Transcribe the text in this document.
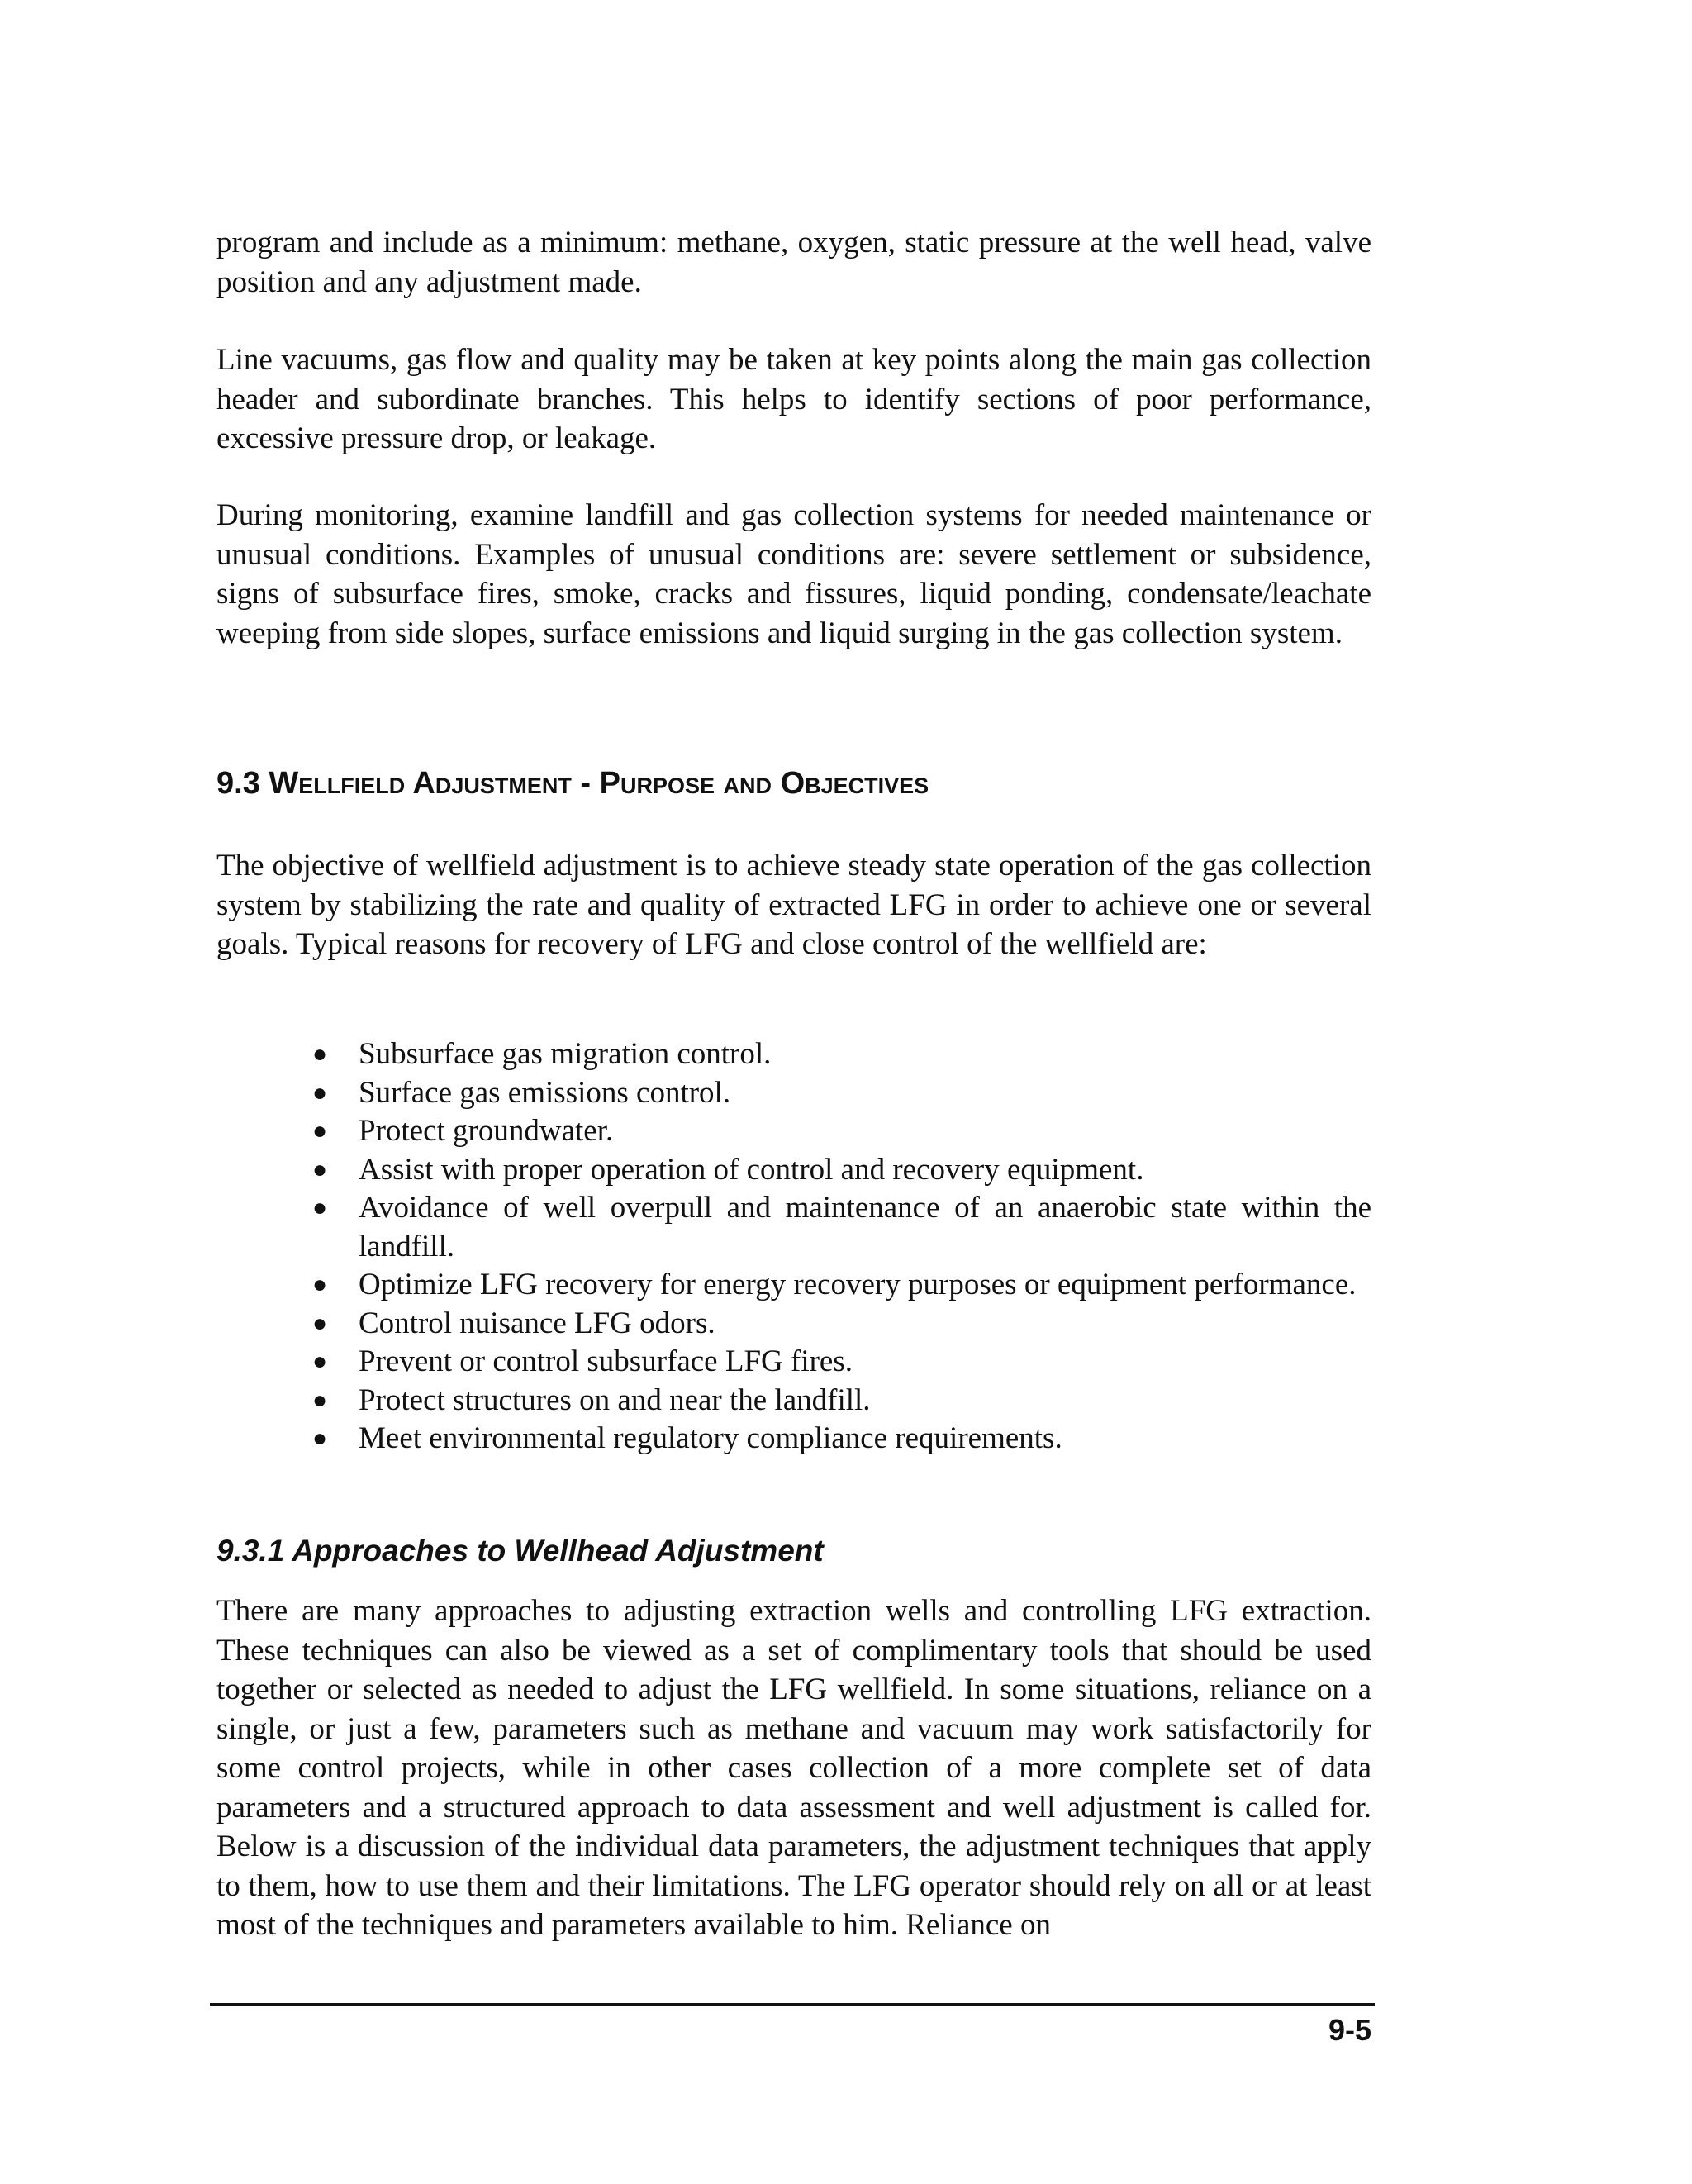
program and include as a minimum: methane, oxygen, static pressure at the well head, valve position and any adjustment made.

Line vacuums, gas flow and quality may be taken at key points along the main gas collection header and subordinate branches. This helps to identify sections of poor performance, excessive pressure drop, or leakage.

During monitoring, examine landfill and gas collection systems for needed maintenance or unusual conditions. Examples of unusual conditions are: severe settlement or subsidence, signs of subsurface fires, smoke, cracks and fissures, liquid ponding, condensate/leachate weeping from side slopes, surface emissions and liquid surging in the gas collection system.

9.3 Wellfield Adjustment - Purpose and Objectives

The objective of wellfield adjustment is to achieve steady state operation of the gas collection system by stabilizing the rate and quality of extracted LFG in order to achieve one or several goals. Typical reasons for recovery of LFG and close control of the wellfield are:

● Subsurface gas migration control.
● Surface gas emissions control.
● Protect groundwater.
● Assist with proper operation of control and recovery equipment.
● Avoidance of well overpull and maintenance of an anaerobic state within the landfill.
● Optimize LFG recovery for energy recovery purposes or equipment performance.
● Control nuisance LFG odors.
● Prevent or control subsurface LFG fires.
● Protect structures on and near the landfill.
● Meet environmental regulatory compliance requirements.
9.3.1 Approaches to Wellhead Adjustment

There are many approaches to adjusting extraction wells and controlling LFG extraction. These techniques can also be viewed as a set of complimentary tools that should be used together or selected as needed to adjust the LFG wellfield. In some situations, reliance on a single, or just a few, parameters such as methane and vacuum may work satisfactorily for some control projects, while in other cases collection of a more complete set of data parameters and a structured approach to data assessment and well adjustment is called for. Below is a discussion of the individual data parameters, the adjustment techniques that apply to them, how to use them and their limitations. The LFG operator should rely on all or at least most of the techniques and parameters available to him. Reliance on

9-5
